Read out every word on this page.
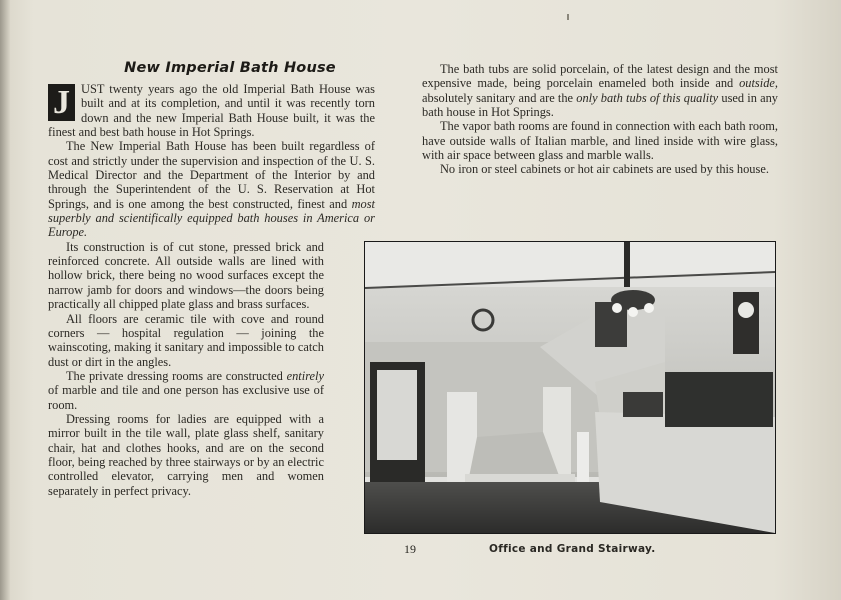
New Imperial Bath House

J UST twenty years ago the old Imperial Bath House was built and at its completion, and until it was recently torn down and the new Imperial Bath House built, it was the finest and best bath house in Hot Springs.

The New Imperial Bath House has been built regardless of cost and strictly under the supervision and inspection of the U. S. Medical Director and the Department of the Interior by and through the Superintendent of the U. S. Reservation at Hot Springs, and is one among the best constructed, finest and most superbly and scientifically equipped bath houses in America or Europe.

Its construction is of cut stone, pressed brick and reinforced concrete. All outside walls are lined with hollow brick, there being no wood surfaces except the narrow jamb for doors and windows—the doors being practically all chipped plate glass and brass surfaces.

All floors are ceramic tile with cove and round corners — hospital regulation — joining the wainscoting, making it sanitary and impossible to catch dust or dirt in the angles.

The private dressing rooms are constructed entirely of marble and tile and one person has exclusive use of room.

Dressing rooms for ladies are equipped with a mirror built in the tile wall, plate glass shelf, sanitary chair, hat and clothes hooks, and are on the second floor, being reached by three stairways or by an electric controlled elevator, carrying men and women separately in perfect privacy.

The bath tubs are solid porcelain, of the latest design and the most expensive made, being porcelain enameled both inside and outside, absolutely sanitary and are the only bath tubs of this quality used in any bath house in Hot Springs.

The vapor bath rooms are found in connection with each bath room, have outside walls of Italian marble, and lined inside with wire glass, with air space between glass and marble walls.

No iron or steel cabinets or hot air cabinets are used by this house.

19	Office and Grand Stairway.
